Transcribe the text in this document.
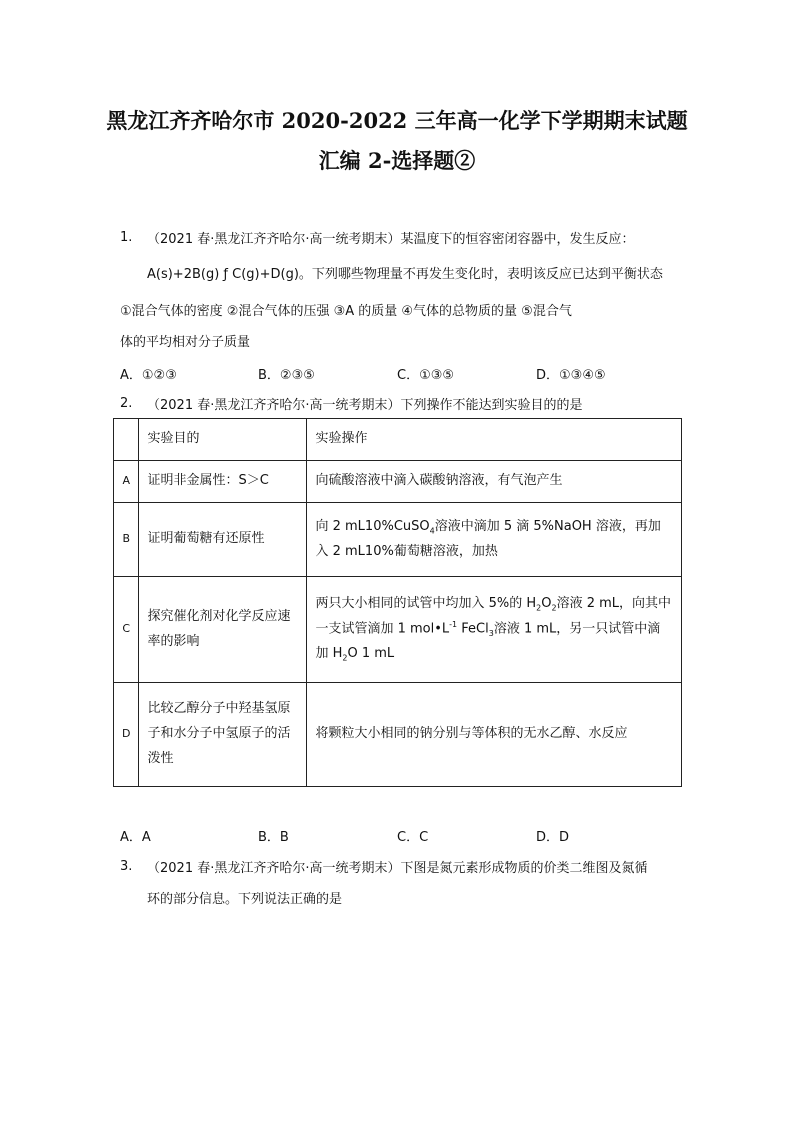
黑龙江齐齐哈尔市 2020-2022 三年高一化学下学期期末试题
汇编 2-选择题②
1. （2021 春·黑龙江齐齐哈尔·高一统考期末）某温度下的恒容密闭容器中，发生反应：
A(s)+2B(g) ƒ C(g)+D(g)。下列哪些物理量不再发生变化时，表明该反应已达到平衡状态
①混合气体的密度 ②混合气体的压强 ③A 的质量 ④气体的总物质的量 ⑤混合气
体的平均相对分子质量
A．①②③	B．②③⑤	C．①③⑤	D．①③④⑤
2. （2021 春·黑龙江齐齐哈尔·高一统考期末）下列操作不能达到实验目的的是
	实验目的	实验操作
A	证明非金属性：S＞C	向硫酸溶液中滴入碳酸钠溶液，有气泡产生
B	证明葡萄糖有还原性	向 2 mL10%CuSO$_4$溶液中滴加 5 滴 5%NaOH 溶液，再加入 2 mL10%葡萄糖溶液，加热
C	探究催化剂对化学反应速率的影响	两只大小相同的试管中均加入 5%的 $H_2O_2$溶液 2 mL，向其中一支试管滴加 1 $mol•L^{-1}$ FeCl$_3$溶液 1 mL，另一只试管中滴加 $H_2O$ 1 mL
D	比较乙醇分子中羟基氢原子和水分子中氢原子的活泼性	将颗粒大小相同的钠分别与等体积的无水乙醇、水反应
A．A	B．B	C．C	D．D
3. （2021 春·黑龙江齐齐哈尔·高一统考期末）下图是氮元素形成物质的价类二维图及氮循
环的部分信息。下列说法正确的是
